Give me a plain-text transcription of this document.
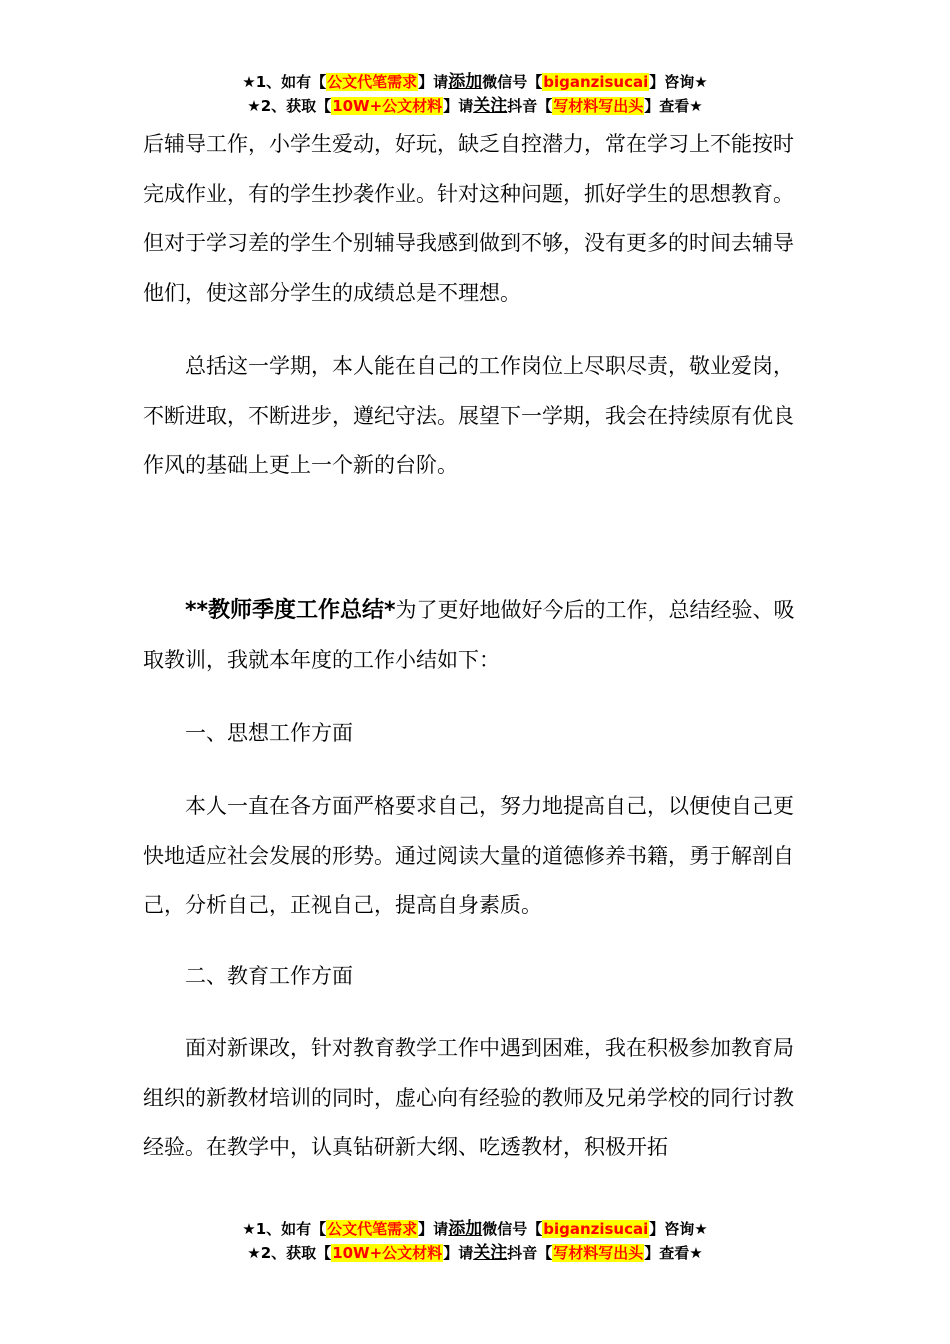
★1、如有【公文代笔需求】请添加微信号【biganzisucai】咨询★
★2、获取【10W+公文材料】请关注抖音【写材料写出头】查看★

后辅导工作，小学生爱动，好玩，缺乏自控潜力，常在学习上不能按时完成作业，有的学生抄袭作业。针对这种问题，抓好学生的思想教育。但对于学习差的学生个别辅导我感到做到不够，没有更多的时间去辅导他们，使这部分学生的成绩总是不理想。

总括这一学期，本人能在自己的工作岗位上尽职尽责，敬业爱岗，不断进取，不断进步，遵纪守法。展望下一学期，我会在持续原有优良作风的基础上更上一个新的台阶。

**教师季度工作总结*为了更好地做好今后的工作，总结经验、吸取教训，我就本年度的工作小结如下：

一、思想工作方面

本人一直在各方面严格要求自己，努力地提高自己，以便使自己更快地适应社会发展的形势。通过阅读大量的道德修养书籍，勇于解剖自己，分析自己，正视自己，提高自身素质。

二、教育工作方面

面对新课改，针对教育教学工作中遇到困难，我在积极参加教育局组织的新教材培训的同时，虚心向有经验的教师及兄弟学校的同行讨教经验。在教学中，认真钻研新大纲、吃透教材，积极开拓

★1、如有【公文代笔需求】请添加微信号【biganzisucai】咨询★
★2、获取【10W+公文材料】请关注抖音【写材料写出头】查看★
